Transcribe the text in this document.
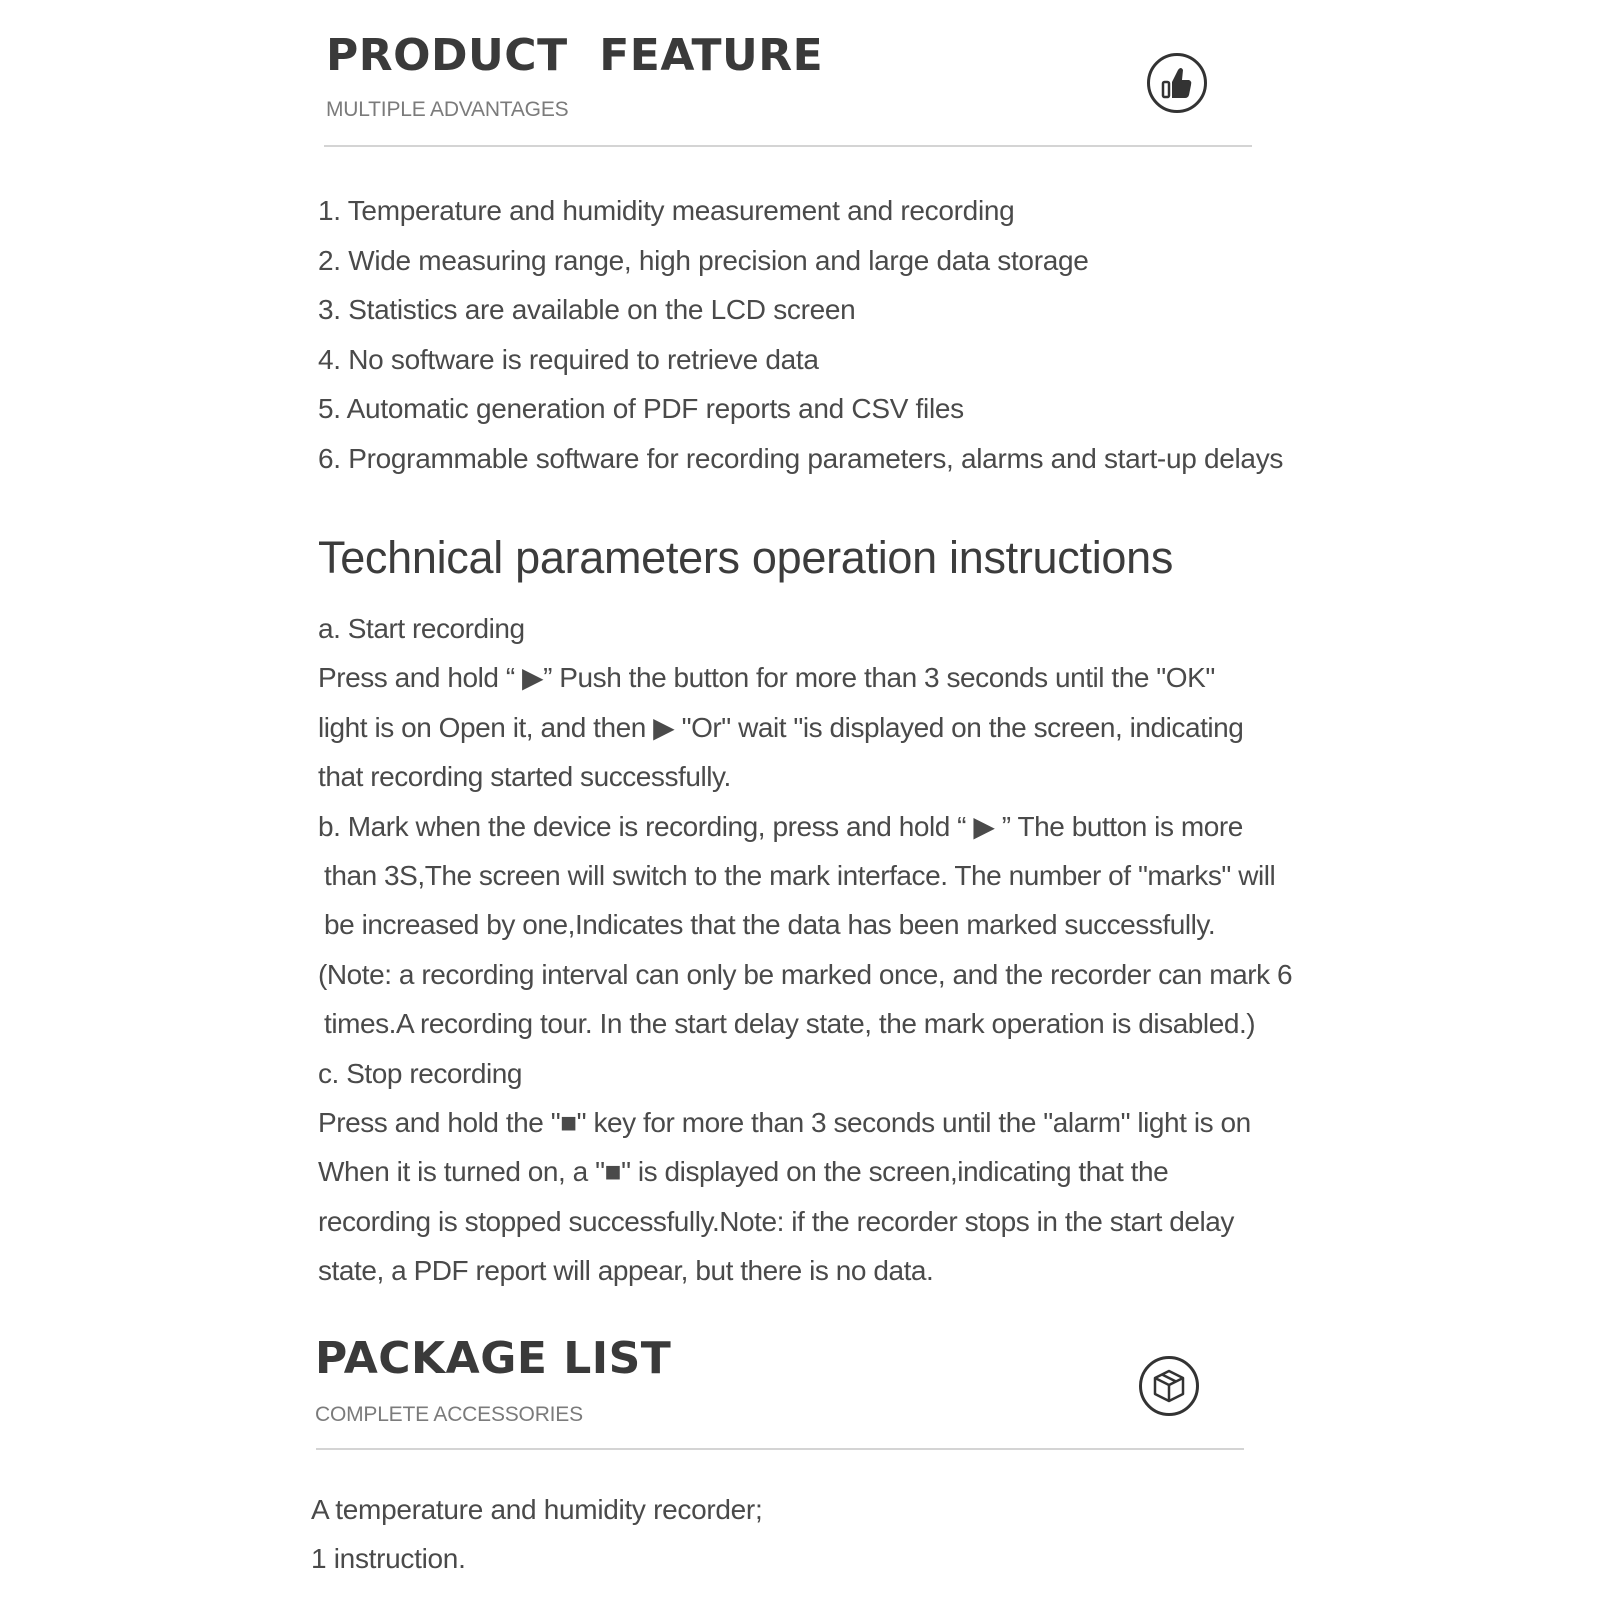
PRODUCT  FEATURE
MULTIPLE ADVANTAGES
1. Temperature and humidity measurement and recording
2. Wide measuring range, high precision and large data storage
3. Statistics are available on the LCD screen
4. No software is required to retrieve data
5. Automatic generation of PDF reports and CSV files
6. Programmable software for recording parameters, alarms and start-up delays
Technical parameters operation instructions
a. Start recording
Press and hold “ ▶” Push the button for more than 3 seconds until the "OK"
light is on Open it, and then ▶ "Or" wait "is displayed on the screen, indicating
that recording started successfully.
b. Mark when the device is recording, press and hold “ ▶ ” The button is more
than 3S,The screen will switch to the mark interface. The number of "marks" will
be increased by one,Indicates that the data has been marked successfully.
(Note: a recording interval can only be marked once, and the recorder can mark 6
times.A recording tour. In the start delay state, the mark operation is disabled.)
c. Stop recording
Press and hold the "■" key for more than 3 seconds until the "alarm" light is on
When it is turned on, a "■" is displayed on the screen,indicating that the
recording is stopped successfully.Note: if the recorder stops in the start delay
state, a PDF report will appear, but there is no data.
PACKAGE LIST
COMPLETE ACCESSORIES
A temperature and humidity recorder;
1 instruction.
